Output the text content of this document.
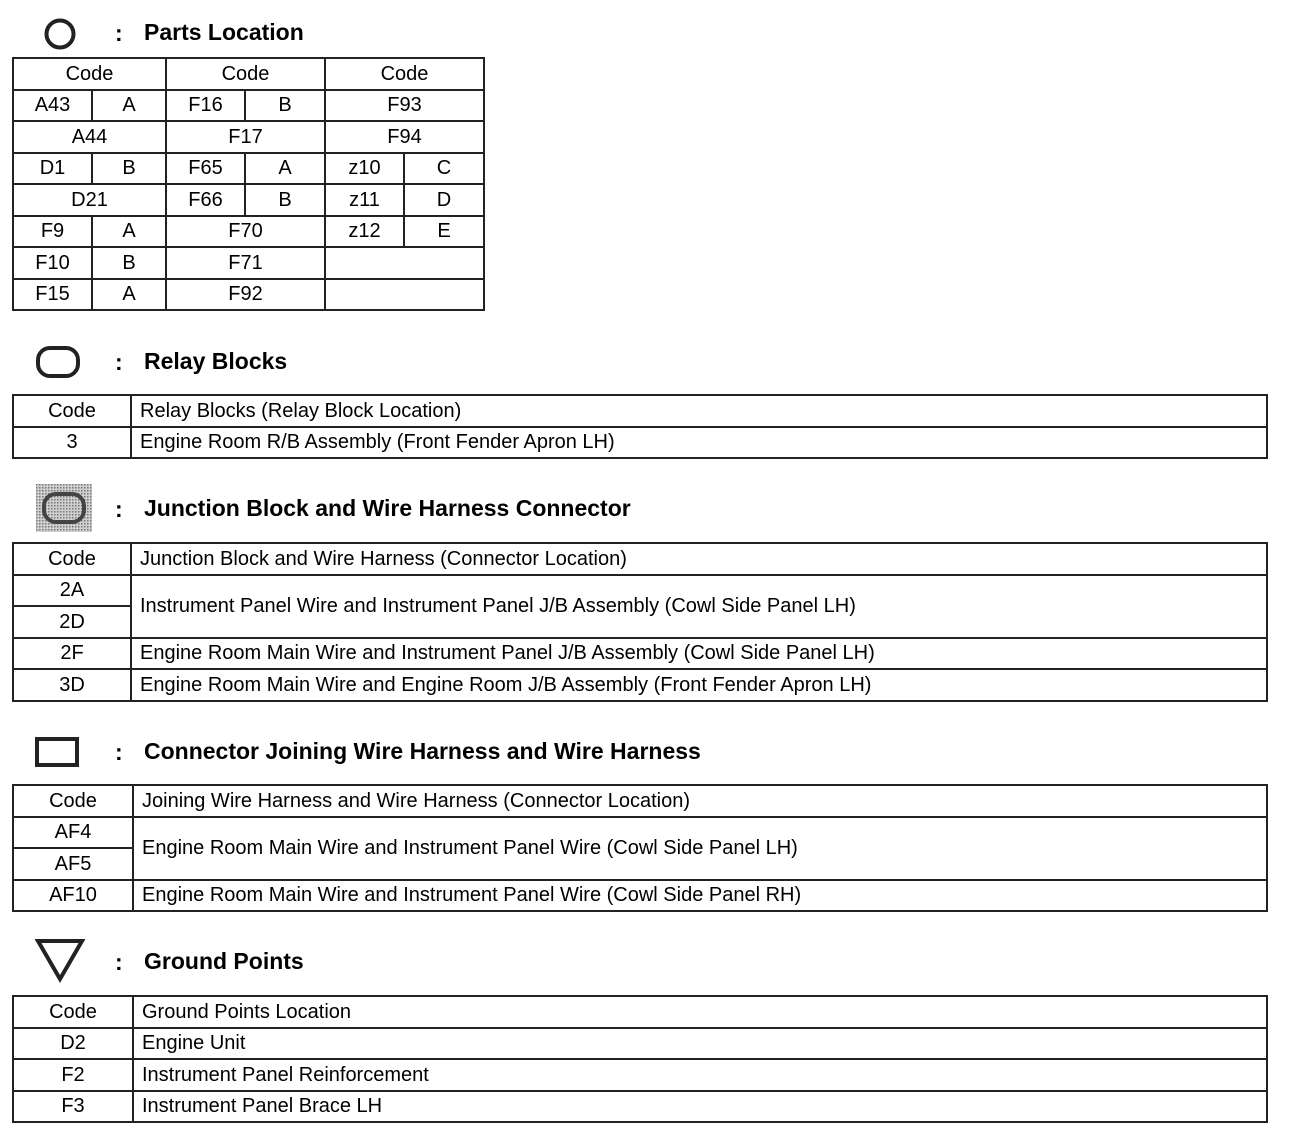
: Parts Location
Code		Code		Code	
A43	A	F16	B	F93	
A44		F17		F94	
D1	B	F65	A	z10	C
D21		F66	B	z11	D
F9	A	F70		z12	E
F10	B	F71			
F15	A	F92			
: Relay Blocks
Code	Relay Blocks (Relay Block Location)
3	Engine Room R/B Assembly (Front Fender Apron LH)
: Junction Block and Wire Harness Connector
Code	Junction Block and Wire Harness (Connector Location)
2A	Instrument Panel Wire and Instrument Panel J/B Assembly (Cowl Side Panel LH)
2D	
2F	Engine Room Main Wire and Instrument Panel J/B Assembly (Cowl Side Panel LH)
3D	Engine Room Main Wire and Engine Room J/B Assembly (Front Fender Apron LH)
: Connector Joining Wire Harness and Wire Harness
Code	Joining Wire Harness and Wire Harness (Connector Location)
AF4	Engine Room Main Wire and Instrument Panel Wire (Cowl Side Panel LH)
AF5	
AF10	Engine Room Main Wire and Instrument Panel Wire (Cowl Side Panel RH)
: Ground Points
Code	Ground Points Location
D2	Engine Unit
F2	Instrument Panel Reinforcement
F3	Instrument Panel Brace LH
